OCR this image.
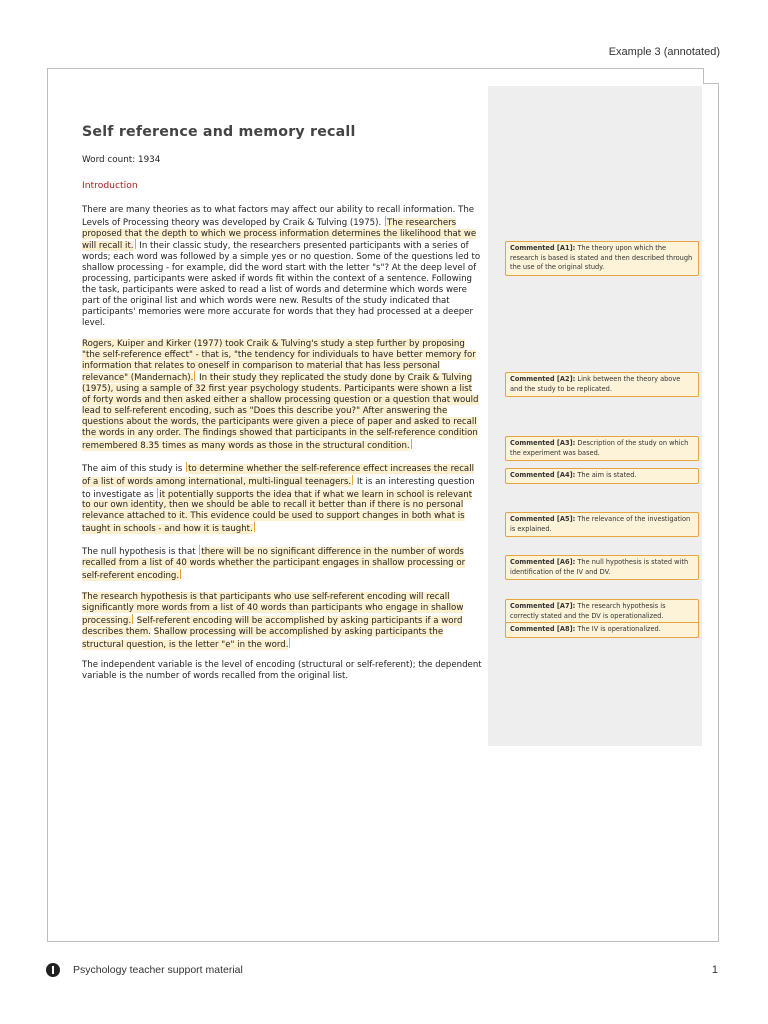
Example 3 (annotated)
Self reference and memory recall
Word count: 1934
Introduction

There are many theories as to what factors may affect our ability to recall information. The Levels of Processing theory was developed by Craik & Tulving (1975). The researchers proposed that the depth to which we process information determines the likelihood that we will recall it. In their classic study, the researchers presented participants with a series of words; each word was followed by a simple yes or no question. Some of the questions led to shallow processing - for example, did the word start with the letter "s"? At the deep level of processing, participants were asked if words fit within the context of a sentence. Following the task, participants were asked to read a list of words and determine which words were part of the original list and which words were new. Results of the study indicated that participants' memories were more accurate for words that they had processed at a deeper level.

Rogers, Kuiper and Kirker (1977) took Craik & Tulving's study a step further by proposing "the self-reference effect" - that is, "the tendency for individuals to have better memory for information that relates to oneself in comparison to material that has less personal relevance" (Mandernach). In their study they replicated the study done by Craik & Tulving (1975), using a sample of 32 first year psychology students. Participants were shown a list of forty words and then asked either a shallow processing question or a question that would lead to self-referent encoding, such as "Does this describe you?" After answering the questions about the words, the participants were given a piece of paper and asked to recall the words in any order. The findings showed that participants in the self-reference condition remembered 8.35 times as many words as those in the structural condition.

The aim of this study is to determine whether the self-reference effect increases the recall of a list of words among international, multi-lingual teenagers. It is an interesting question to investigate as it potentially supports the idea that if what we learn in school is relevant to our own identity, then we should be able to recall it better than if there is no personal relevance attached to it. This evidence could be used to support changes in both what is taught in schools - and how it is taught.

The null hypothesis is that there will be no significant difference in the number of words recalled from a list of 40 words whether the participant engages in shallow processing or self-referent encoding.

The research hypothesis is that participants who use self-referent encoding will recall significantly more words from a list of 40 words than participants who engage in shallow processing. Self-referent encoding will be accomplished by asking participants if a word describes them. Shallow processing will be accomplished by asking participants the structural question, is the letter "e" in the word.

The independent variable is the level of encoding (structural or self-referent); the dependent variable is the number of words recalled from the original list.

Commented [A1]: The theory upon which the research is based is stated and then described through the use of the original study.
Commented [A2]: Link between the theory above and the study to be replicated.
Commented [A3]: Description of the study on which the experiment was based.
Commented [A4]: The aim is stated.
Commented [A5]: The relevance of the investigation is explained.
Commented [A6]: The null hypothesis is stated with identification of the IV and DV.
Commented [A7]: The research hypothesis is correctly stated and the DV is operationalized.
Commented [A8]: The IV is operationalized.
Psychology teacher support material	1
